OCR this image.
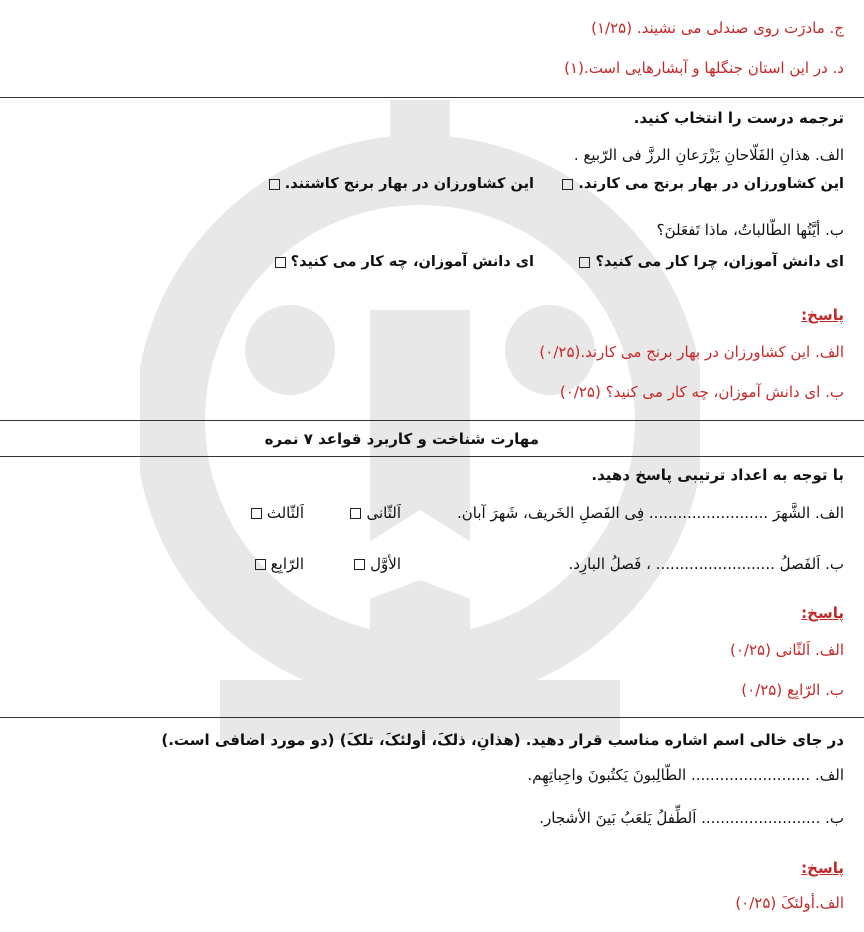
ج. مادرَت روی صندلی می نشیند. (۱/۲۵)
د. در این استان جنگلها و آبشارهایی است.(۱)
ترجمه درست را انتخاب کنید.
الف. هذانِ الفَلّاحانِ یَزْرَعانِ الرزَّ فی الرّبیع .
این کشاورزان در بهار برنج می کارند.
این کشاورزان در بهار برنج کاشتند.
ب. أیَّتُها الطّالباتُ، ماذا تَفعَلنَ؟
ای دانش آموزان، چرا کار می کنید؟
ای دانش آموزان، چه کار می کنید؟
پاسخ:
الف. این کشاورزان در بهار برنج می کارند.(۰/۲۵)
ب. ای دانش آموزان، چه کار می کنید؟ (۰/۲۵)
مهارت شناخت و کاربرد قواعد ۷ نمره
با توجه به اعداد ترتیبی پاسخ دهید.
الف. الشَّهرَ ......................... فِی الفَصلِ الخَریف، شَهرَ آبان.
اَلثّانی
اَلثّالث
ب. اَلفَصلُ ......................... ، فَصلُ البارِد.
الأوَّل
الرّابِع
پاسخ:
الف. اَلثّانی (۰/۲۵)
ب. الرّابِع (۰/۲۵)
در جای خالی اسم اشاره مناسب قرار دهید. (هذانِ، ذلکَ، أولئکَ، تلکَ) (دو مورد اضافی است.)
الف. ......................... الطّالِبونَ یَکتُبونَ واجِباتِهِم.
ب. ......................... اَلطِّفلُ یَلعَبُ بَینَ الأشجار.
پاسخ:
الف.أولئکَ (۰/۲۵)
